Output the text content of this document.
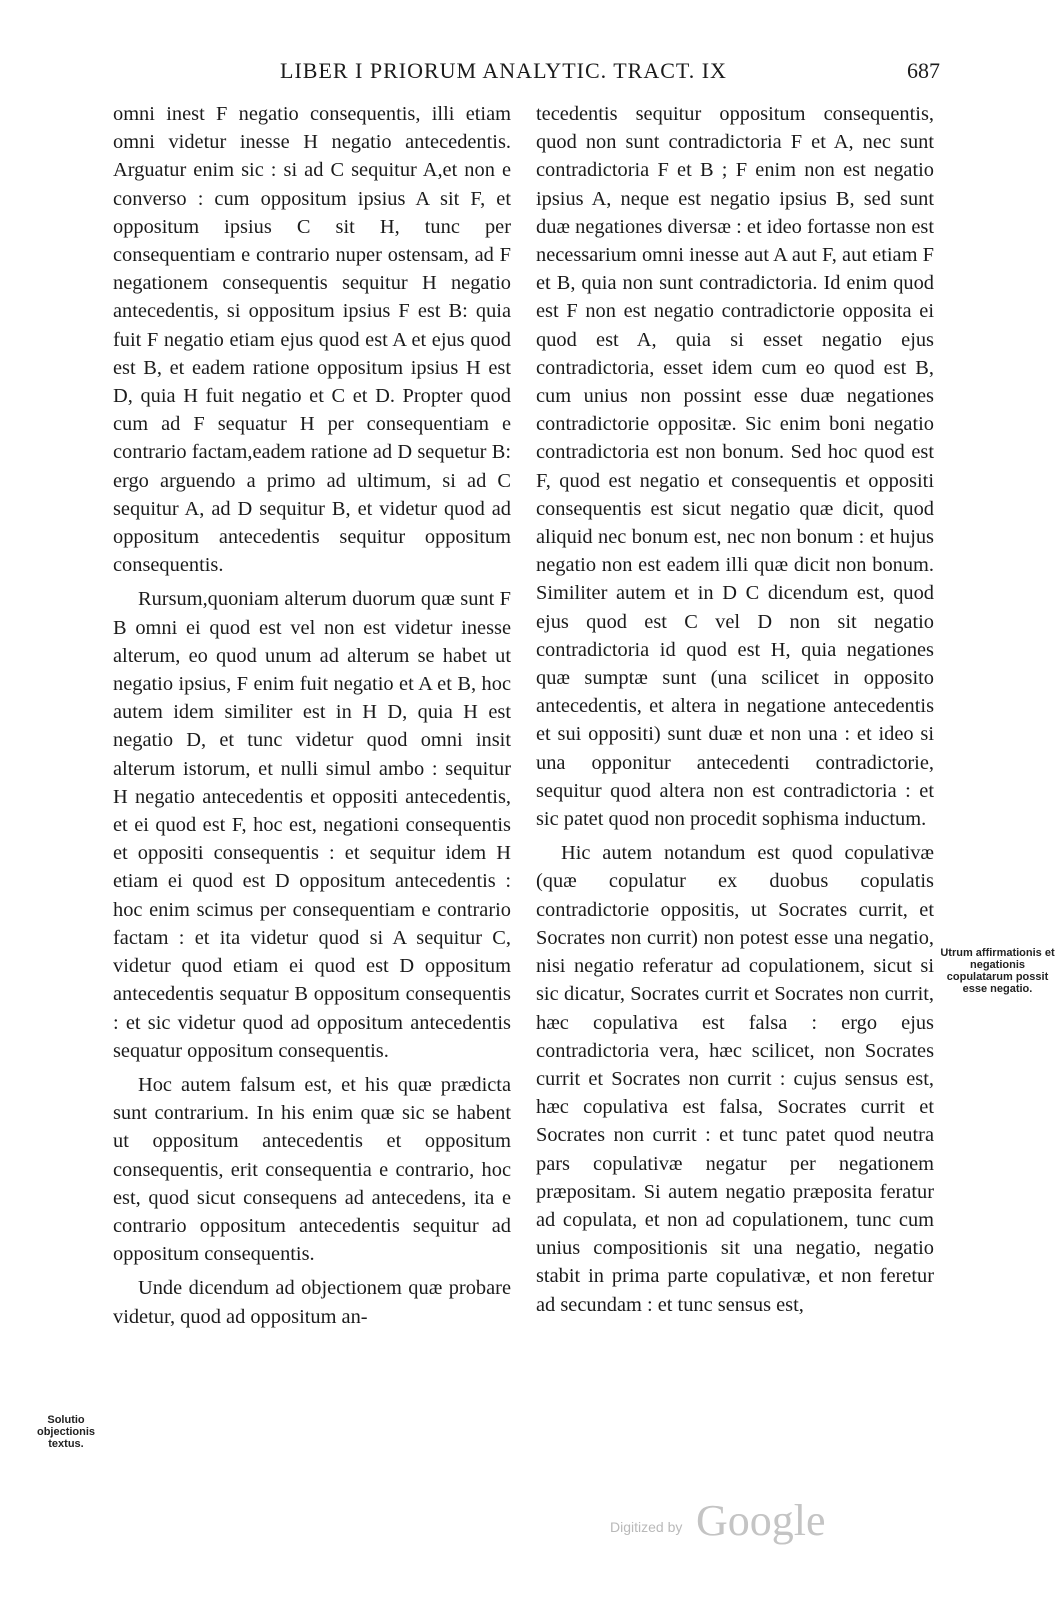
LIBER I PRIORUM ANALYTIC. TRACT. IX	687

omni inest F negatio consequentis, illi etiam omni videtur inesse H negatio antecedentis. Arguatur enim sic : si ad C sequitur A,et non e converso : cum oppositum ipsius A sit F, et oppositum ipsius C sit H, tunc per consequentiam e contrario nuper ostensam, ad F negationem consequentis sequitur H negatio antecedentis, si oppositum ipsius F est B: quia fuit F negatio etiam ejus quod est A et ejus quod est B, et eadem ratione oppositum ipsius H est D, quia H fuit negatio et C et D. Propter quod cum ad F sequatur H per consequentiam e contrario factam,eadem ratione ad D sequetur B: ergo arguendo a primo ad ultimum, si ad C sequitur A, ad D sequitur B, et videtur quod ad oppositum antecedentis sequitur oppositum consequentis.

Rursum,quoniam alterum duorum quæ sunt F B omni ei quod est vel non est videtur inesse alterum, eo quod unum ad alterum se habet ut negatio ipsius, F enim fuit negatio et A et B, hoc autem idem similiter est in H D, quia H est negatio D, et tunc videtur quod omni insit alterum istorum, et nulli simul ambo : sequitur H negatio antecedentis et oppositi antecedentis, et ei quod est F, hoc est, negationi consequentis et oppositi consequentis : et sequitur idem H etiam ei quod est D oppositum antecedentis : hoc enim scimus per consequentiam e contrario factam : et ita videtur quod si A sequitur C, videtur quod etiam ei quod est D oppositum antecedentis sequatur B oppositum consequentis : et sic videtur quod ad oppositum antecedentis sequatur oppositum consequentis.

Hoc autem falsum est, et his quæ prædicta sunt contrarium. In his enim quæ sic se habent ut oppositum antecedentis et oppositum consequentis, erit consequentia e contrario, hoc est, quod sicut consequens ad antecedens, ita e contrario oppositum antecedentis sequitur ad oppositum consequentis.

Unde dicendum ad objectionem quæ probare videtur, quod ad oppositum an-

tecedentis sequitur oppositum consequentis, quod non sunt contradictoria F et A, nec sunt contradictoria F et B ; F enim non est negatio ipsius A, neque est negatio ipsius B, sed sunt duæ negationes diversæ : et ideo fortasse non est necessarium omni inesse aut A aut F, aut etiam F et B, quia non sunt contradictoria. Id enim quod est F non est negatio contradictorie opposita ei quod est A, quia si esset negatio ejus contradictoria, esset idem cum eo quod est B, cum unius non possint esse duæ negationes contradictorie oppositæ. Sic enim boni negatio contradictoria est non bonum. Sed hoc quod est F, quod est negatio et consequentis et oppositi consequentis est sicut negatio quæ dicit, quod aliquid nec bonum est, nec non bonum : et hujus negatio non est eadem illi quæ dicit non bonum. Similiter autem et in D C dicendum est, quod ejus quod est C vel D non sit negatio contradictoria id quod est H, quia negationes quæ sumptæ sunt (una scilicet in opposito antecedentis, et altera in negatione antecedentis et sui oppositi) sunt duæ et non una : et ideo si una opponitur antecedenti contradictorie, sequitur quod altera non est contradictoria : et sic patet quod non procedit sophisma inductum.

Hic autem notandum est quod copulativæ (quæ copulatur ex duobus copulatis contradictorie oppositis, ut Socrates currit, et Socrates non currit) non potest esse una negatio, nisi negatio referatur ad copulationem, sicut si sic dicatur, Socrates currit et Socrates non currit, hæc copulativa est falsa : ergo ejus contradictoria vera, hæc scilicet, non Socrates currit et Socrates non currit : cujus sensus est, hæc copulativa est falsa, Socrates currit et Socrates non currit : et tunc patet quod neutra pars copulativæ negatur per negationem præpositam. Si autem negatio præposita feratur ad copulata, et non ad copulationem, tunc cum unius compositionis sit una negatio, negatio stabit in prima parte copulativæ, et non feretur ad secundam : et tunc sensus est,

Utrum affirmationis et negationis copulatarum possit esse negatio.
Solutio objectionis textus.
Digitized by Google
